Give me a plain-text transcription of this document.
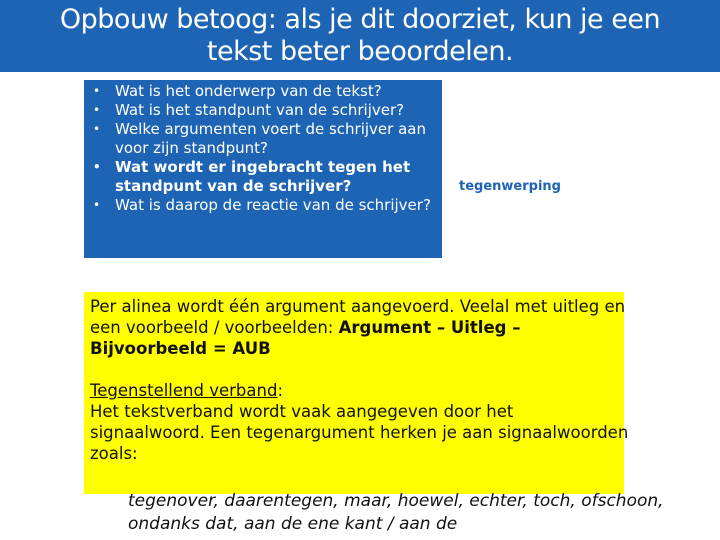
Opbouw betoog: als je dit doorziet, kun je een
tekst beter beoordelen.
• Wat is het onderwerp van de tekst?
• Wat is het standpunt van de schrijver?
• Welke argumenten voert de schrijver aan voor zijn standpunt?
• Wat wordt er ingebracht tegen het standpunt van de schrijver?
• Wat is daarop de reactie van de schrijver?
tegenwerping
Per alinea wordt één argument aangevoerd. Veelal met uitleg en een voorbeeld / voorbeelden: Argument – Uitleg – Bijvoorbeeld = AUB
Tegenstellend verband:
Het tekstverband wordt vaak aangegeven door het signaalwoord. Een tegenargument herken je aan signaalwoorden zoals:
tegenover, daarentegen, maar, hoewel, echter, toch, ofschoon, ondanks dat, aan de ene kant / aan de
